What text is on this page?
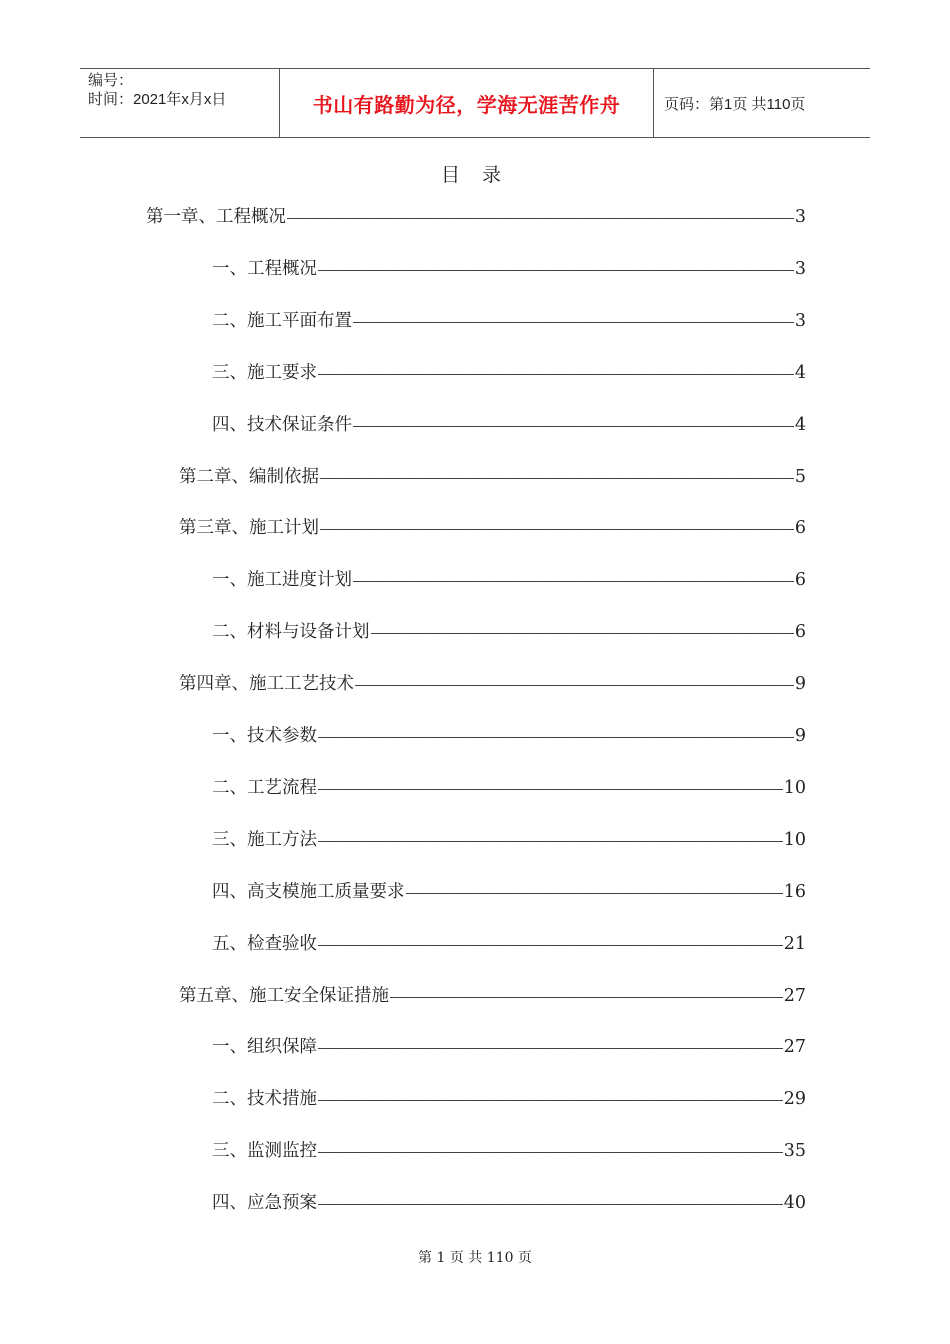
编号：
时间：2021年x月x日	书山有路勤为径，学海无涯苦作舟	页码：第1页 共110页
目 录
第一章、工程概况 —————	3
一、工程概况 —————	3
二、施工平面布置 —————	3
三、施工要求 —————	4
四、技术保证条件 —————	4
第二章、编制依据 —————	5
第三章、施工计划 —————	6
一、施工进度计划 —————	6
二、材料与设备计划 —————	6
第四章、施工工艺技术 —————	9
一、技术参数 —————	9
二、工艺流程 —————	10
三、施工方法 —————	10
四、高支模施工质量要求 —————	16
五、检查验收 —————	21
第五章、施工安全保证措施 —————	27
一、组织保障 —————	27
二、技术措施 —————	29
三、监测监控 —————	35
四、应急预案 —————	40
第 1 页 共 110 页
